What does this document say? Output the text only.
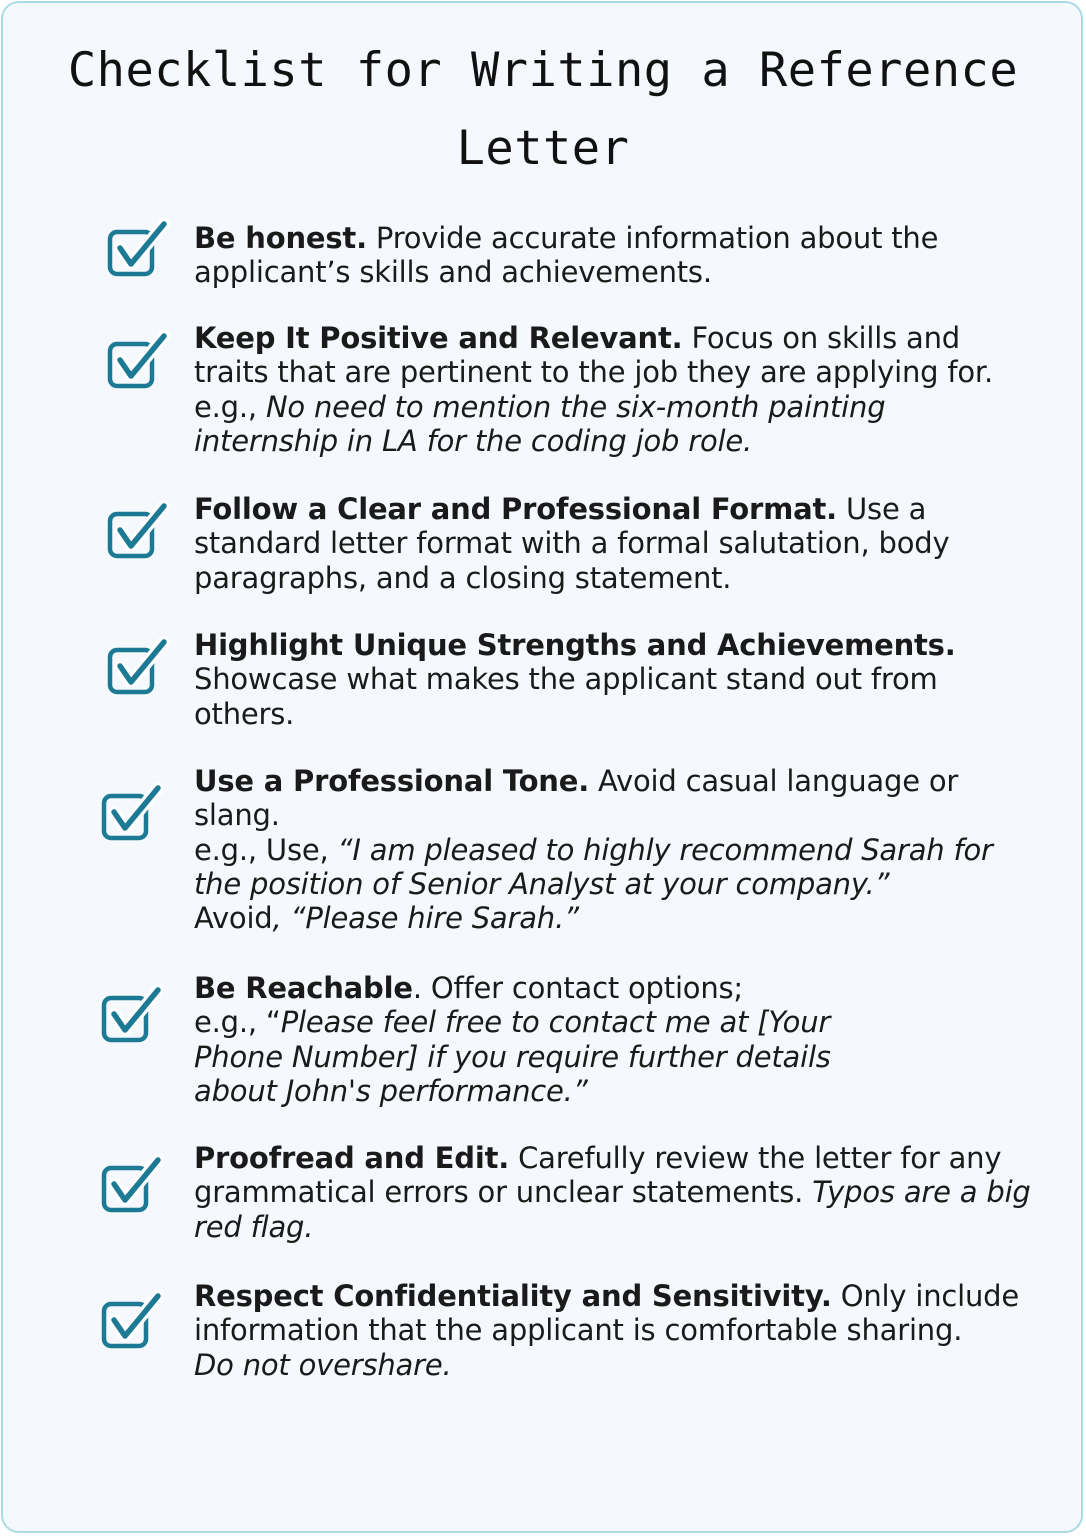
Checklist for Writing a Reference
Letter

Be honest. Provide accurate information about the applicant’s skills and achievements.

Keep It Positive and Relevant. Focus on skills and traits that are pertinent to the job they are applying for.

e.g., No need to mention the six-month painting internship in LA for the coding job role.

Follow a Clear and Professional Format. Use a standard letter format with a formal salutation, body paragraphs, and a closing statement.

Highlight Unique Strengths and Achievements.
Showcase what makes the applicant stand out from others.

Use a Professional Tone. Avoid casual language or slang.

e.g., Use, “I am pleased to highly recommend Sarah for the position of Senior Analyst at your company.”

Avoid, “Please hire Sarah.”

Be Reachable. Offer contact options;

e.g., “Please feel free to contact me at [Your Phone Number] if you require further details about John's performance.”

Proofread and Edit. Carefully review the letter for any grammatical errors or unclear statements. Typos are a big red flag.

Respect Confidentiality and Sensitivity. Only include information that the applicant is comfortable sharing.

Do not overshare.
